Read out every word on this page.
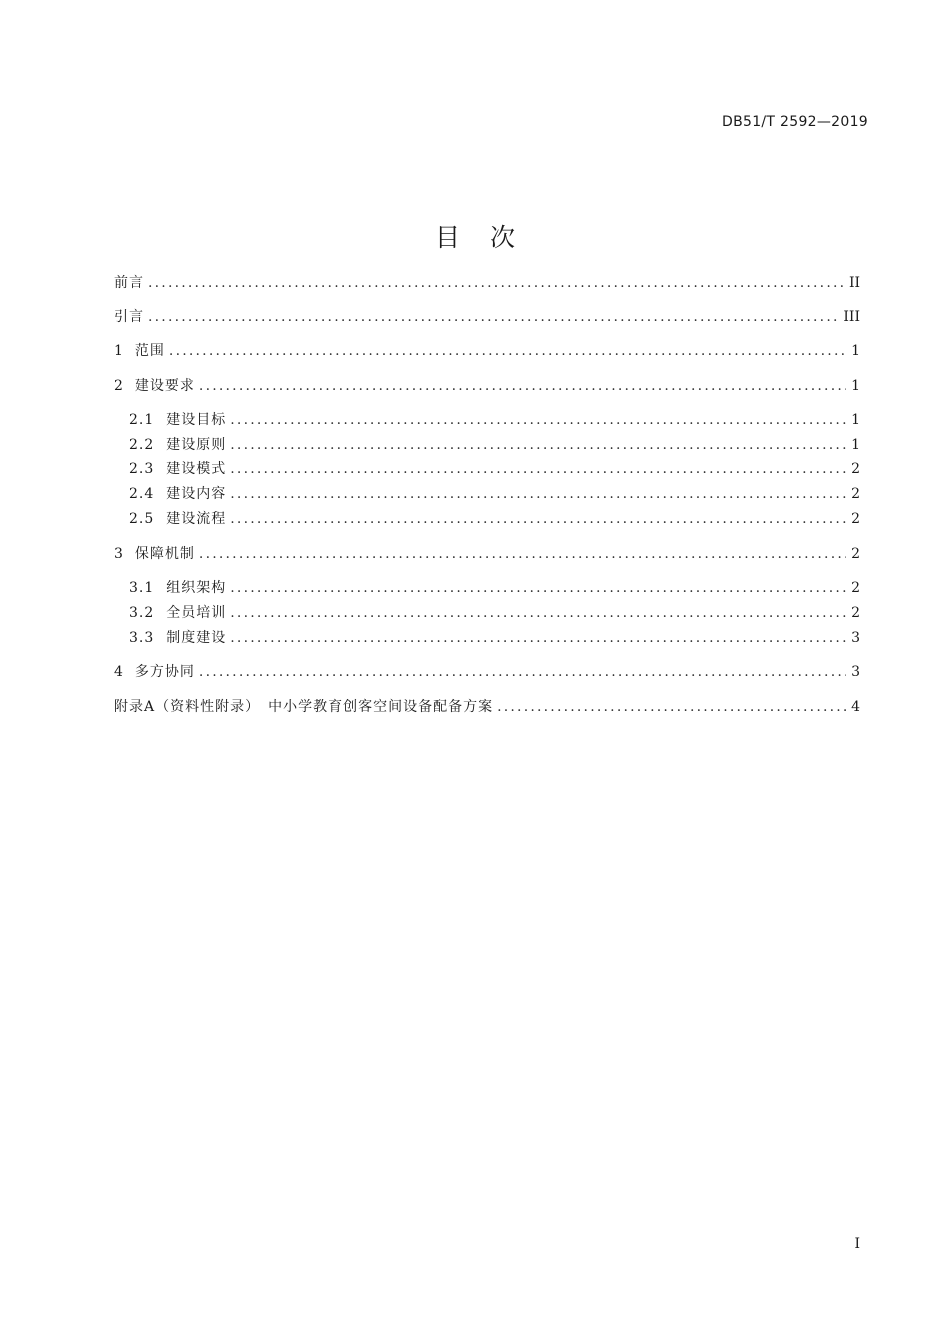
DB51/T 2592—2019
目次
前言 .....	II
引言 .....	III
1 范围 .....	1
2 建设要求 .....	1
2.1 建设目标 .....	1
2.2 建设原则 .....	1
2.3 建设模式 .....	2
2.4 建设内容 .....	2
2.5 建设流程 .....	2
3 保障机制 .....	2
3.1 组织架构 .....	2
3.2 全员培训 .....	2
3.3 制度建设 .....	3
4 多方协同 .....	3
附录A（资料性附录）　中小学教育创客空间设备配备方案 .....	4
I
